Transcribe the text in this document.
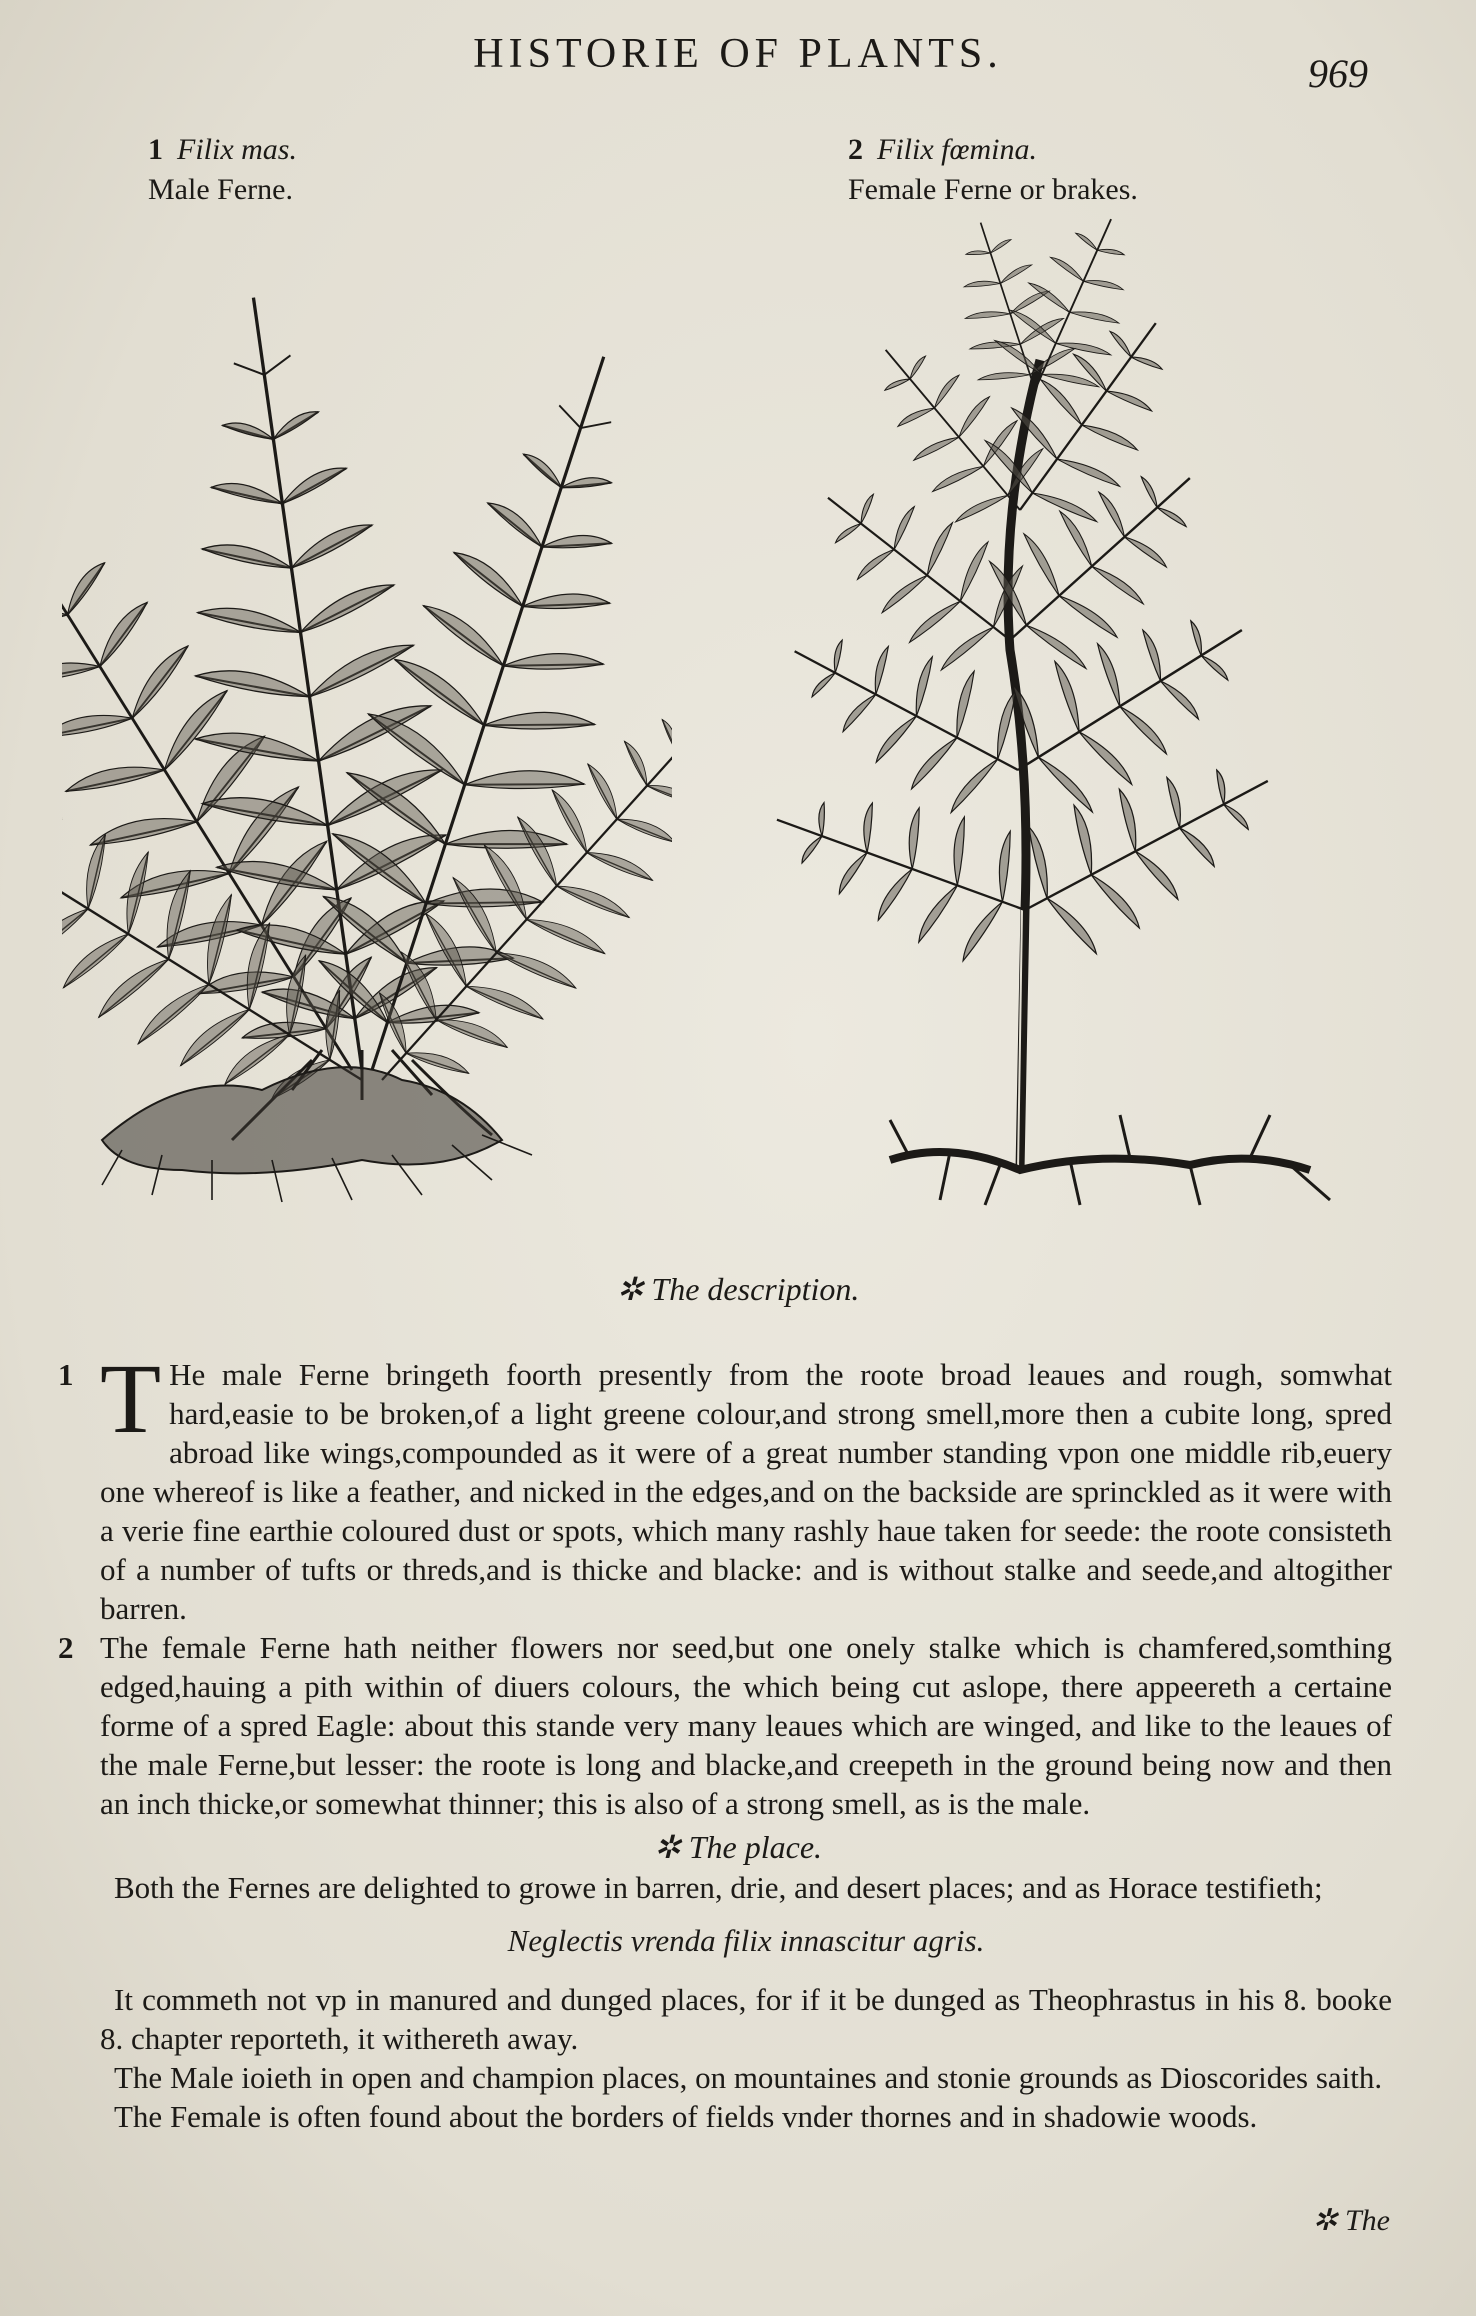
HISTORIE OF PLANTS.	969
1 Filix mas.
Male Ferne.
2 Filix fœmina.
Female Ferne or brakes.
✲ The description.

1 T He male Ferne bringeth foorth presently from the roote broad leaues and rough, somwhat hard,easie to be broken,of a light greene colour,and strong smell,more then a cubite long, spred abroad like wings,compounded as it were of a great number standing vpon one middle rib,euery one whereof is like a feather, and nicked in the edges,and on the backside are sprinckled as it were with a verie fine earthie coloured dust or spots, which many rashly haue taken for seede: the roote consisteth of a number of tufts or threds,and is thicke and blacke: and is without stalke and seede,and altogither barren.

2 The female Ferne hath neither flowers nor seed,but one onely stalke which is chamfered,somthing edged,hauing a pith within of diuers colours, the which being cut aslope, there appeereth a certaine forme of a spred Eagle: about this stande very many leaues which are winged, and like to the leaues of the male Ferne,but lesser: the roote is long and blacke,and creepeth in the ground being now and then an inch thicke,or somewhat thinner; this is also of a strong smell, as is the male.

✲ The place.

Both the Fernes are delighted to growe in barren, drie, and desert places; and as Horace testifieth;

Neglectis vrenda filix innascitur agris.

It commeth not vp in manured and dunged places, for if it be dunged as Theophrastus in his 8. booke 8. chapter reporteth, it withereth away.

The Male ioieth in open and champion places, on mountaines and stonie grounds as Dioscorides saith.

The Female is often found about the borders of fields vnder thornes and in shadowie woods.

✲ The
